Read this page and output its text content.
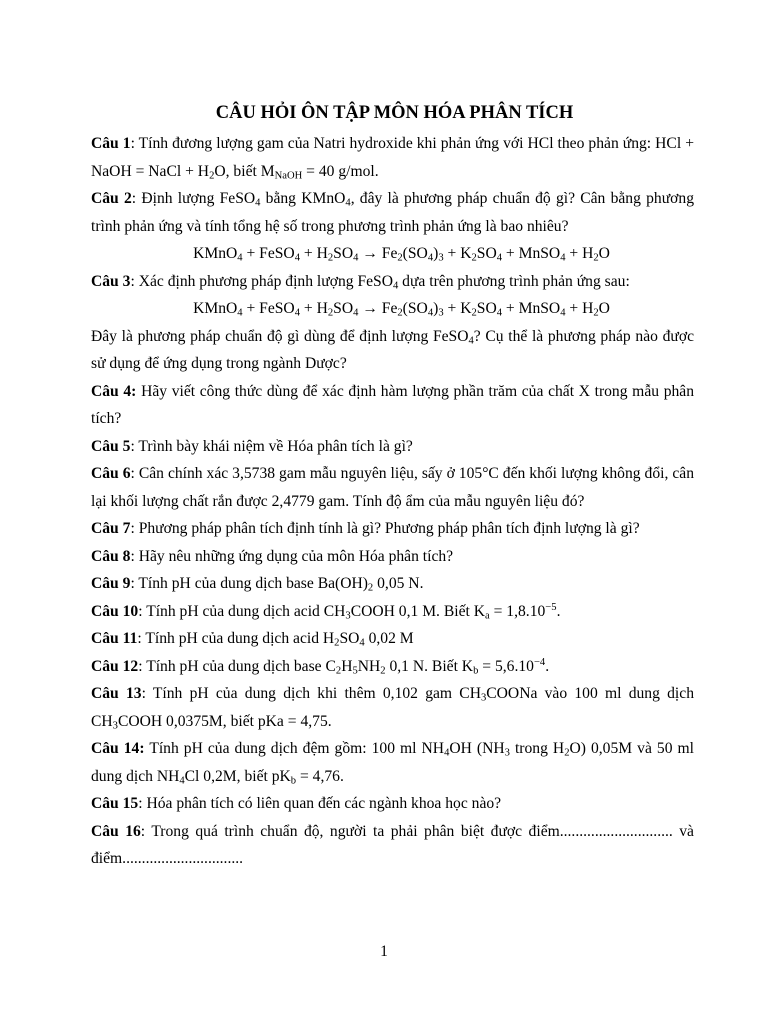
CÂU HỎI ÔN TẬP MÔN HÓA PHÂN TÍCH

Câu 1: Tính đương lượng gam của Natri hydroxide khi phản ứng với HCl theo phản ứng: HCl + NaOH = NaCl + $H_2O$, biết $M_{NaOH} = 40$ g/mol.

Câu 2: Định lượng FeSO$_4$ bằng KMnO$_4$, đây là phương pháp chuẩn độ gì? Cân bằng phương trình phản ứng và tính tổng hệ số trong phương trình phản ứng là bao nhiêu?

KMnO$_4$ + FeSO$_4$ + $H_2SO_4 \to Fe_2(SO_4)_3 + K_2SO_4$ + MnSO$_4$ + $H_2O$

Câu 3: Xác định phương pháp định lượng FeSO$_4$ dựa trên phương trình phản ứng sau:

KMnO$_4$ + FeSO$_4$ + $H_2SO_4 \to Fe_2(SO_4)_3 + K_2SO_4$ + MnSO$_4$ + $H_2O$

Đây là phương pháp chuẩn độ gì dùng để định lượng FeSO$_4$? Cụ thể là phương pháp nào được sử dụng để ứng dụng trong ngành Dược?

Câu 4: Hãy viết công thức dùng để xác định hàm lượng phần trăm của chất X trong mẫu phân tích?

Câu 5: Trình bày khái niệm về Hóa phân tích là gì?

Câu 6: Cân chính xác 3,5738 gam mẫu nguyên liệu, sấy ở 105°C đến khối lượng không đổi, cân lại khối lượng chất rắn được 2,4779 gam. Tính độ ẩm của mẫu nguyên liệu đó?

Câu 7: Phương pháp phân tích định tính là gì? Phương pháp phân tích định lượng là gì?

Câu 8: Hãy nêu những ứng dụng của môn Hóa phân tích?

Câu 9: Tính pH của dung dịch base $Ba(OH)_2$ 0,05 N.

Câu 10: Tính pH của dung dịch acid $CH_3COOH$ 0,1 M. Biết $K_a = 1,8.10^{-5}$.

Câu 11: Tính pH của dung dịch acid $H_2SO_4$ 0,02 M

Câu 12: Tính pH của dung dịch base $C_2H_5NH_2$ 0,1 N. Biết $K_b = 5,6.10^{-4}$.

Câu 13: Tính pH của dung dịch khi thêm 0,102 gam $CH_3COONa$ vào 100 ml dung dịch $CH_3COOH$ 0,0375M, biết pKa = 4,75.

Câu 14: Tính pH của dung dịch đệm gồm: 100 ml $NH_4OH$ ($NH_3$ trong $H_2O$) 0,05M và 50 ml dung dịch $NH_4Cl$ 0,2M, biết $pK_b = 4,76$.

Câu 15: Hóa phân tích có liên quan đến các ngành khoa học nào?

Câu 16: Trong quá trình chuẩn độ, người ta phải phân biệt được điểm............................. và điểm...............................

1
